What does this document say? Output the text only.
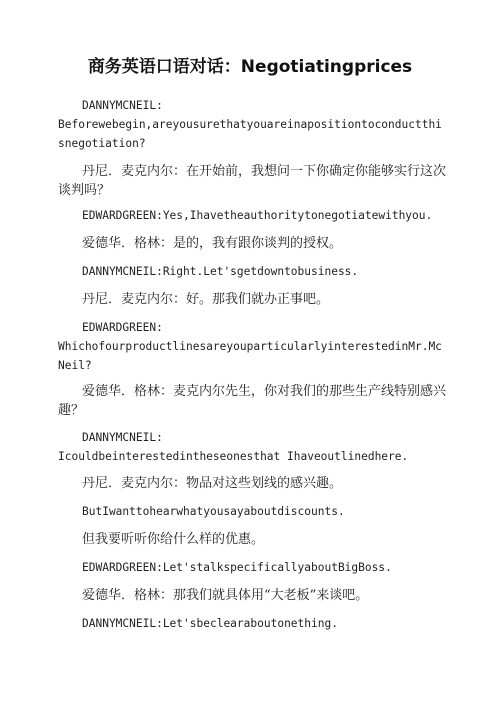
商务英语口语对话：Negotiatingprices

DANNYMCNEIL:

Beforewebegin,areyousurethatyouareinapositiontoconductthisnegotiation?

丹尼．麦克内尔：在开始前，我想问一下你确定你能够实行这次谈判吗？

EDWARDGREEN:Yes,Ihavetheauthoritytonegotiatewithyou.

爱德华．格林：是的，我有跟你谈判的授权。

DANNYMCNEIL:Right.Let'sgetdowntobusiness.

丹尼．麦克内尔：好。那我们就办正事吧。

EDWARDGREEN:

WhichofourproductlinesareyouparticularlyinterestedinMr.McNeil?

爱德华．格林：麦克内尔先生，你对我们的那些生产线特别感兴趣？

DANNYMCNEIL:

Icouldbeinterestedintheseonesthat Ihaveoutlinedhere.

丹尼．麦克内尔：物品对这些划线的感兴趣。

ButIwanttohearwhatyousayaboutdiscounts.

但我要听听你给什么样的优惠。

EDWARDGREEN:Let'stalkspecificallyaboutBigBoss.

爱德华．格林：那我们就具体用“大老板”来谈吧。

DANNYMCNEIL:Let'sbeclearaboutonething.
